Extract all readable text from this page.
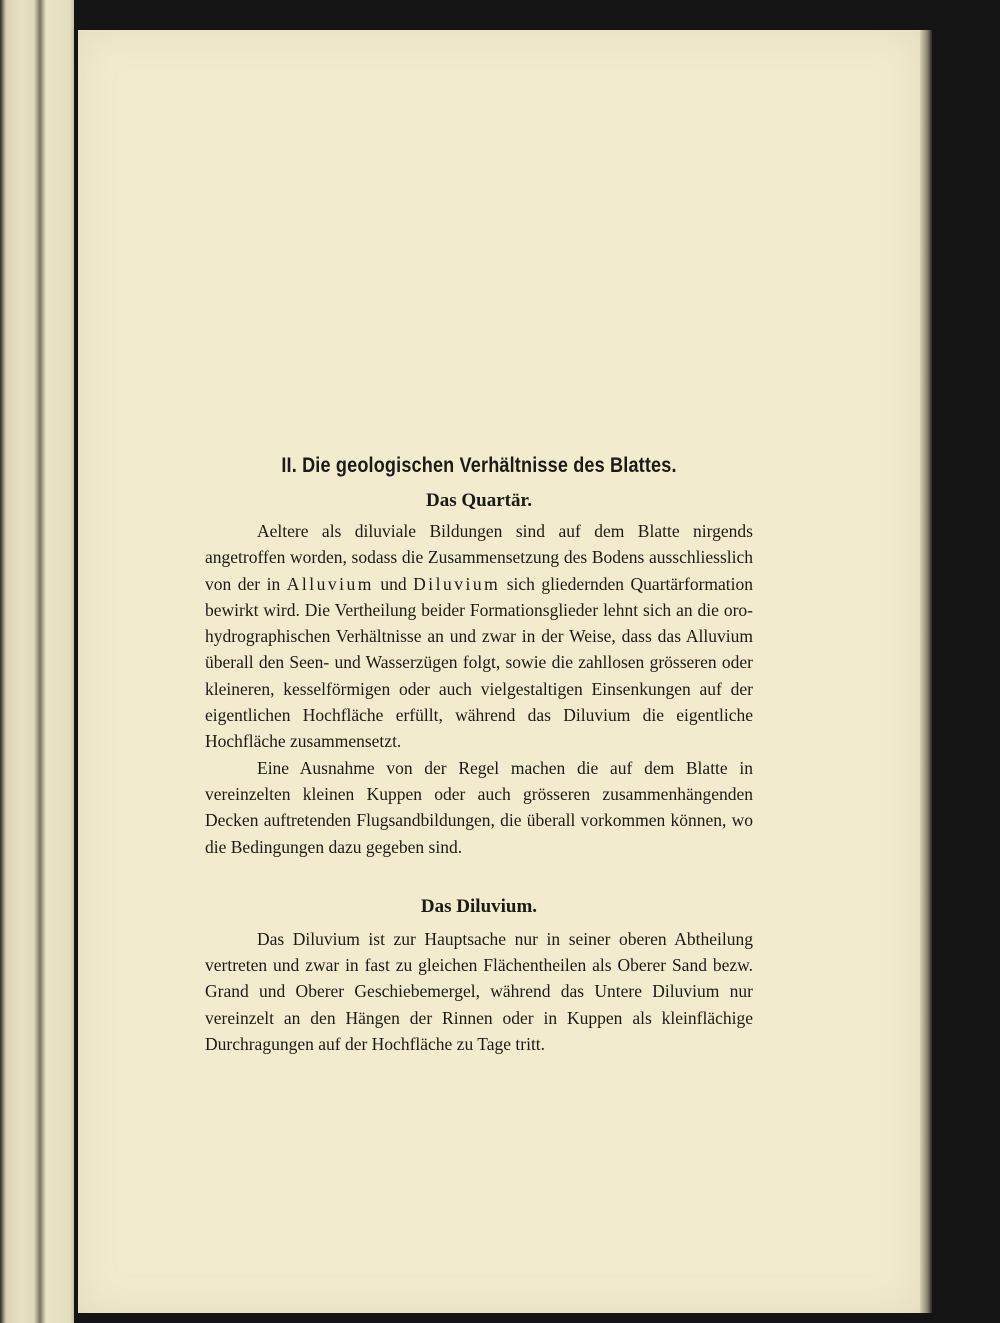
II. Die geologischen Verhältnisse des Blattes.
Das Quartär.

Aeltere als diluviale Bildungen sind auf dem Blatte nirgends angetroffen worden, sodass die Zusammensetzung des Bodens ausschliesslich von der in Alluvium und Diluvium sich gliedernden Quartärformation bewirkt wird. Die Vertheilung beider Formationsglieder lehnt sich an die oro-hydrographischen Verhältnisse an und zwar in der Weise, dass das Alluvium überall den Seen- und Wasserzügen folgt, sowie die zahllosen grösseren oder kleineren, kesselförmigen oder auch vielgestaltigen Einsenkungen auf der eigentlichen Hochfläche erfüllt, während das Diluvium die eigentliche Hochfläche zusammensetzt.

Eine Ausnahme von der Regel machen die auf dem Blatte in vereinzelten kleinen Kuppen oder auch grösseren zusammenhängenden Decken auftretenden Flugsandbildungen, die überall vorkommen können, wo die Bedingungen dazu gegeben sind.

Das Diluvium.

Das Diluvium ist zur Hauptsache nur in seiner oberen Abtheilung vertreten und zwar in fast zu gleichen Flächentheilen als Oberer Sand bezw. Grand und Oberer Geschiebemergel, während das Untere Diluvium nur vereinzelt an den Hängen der Rinnen oder in Kuppen als kleinflächige Durchragungen auf der Hochfläche zu Tage tritt.
